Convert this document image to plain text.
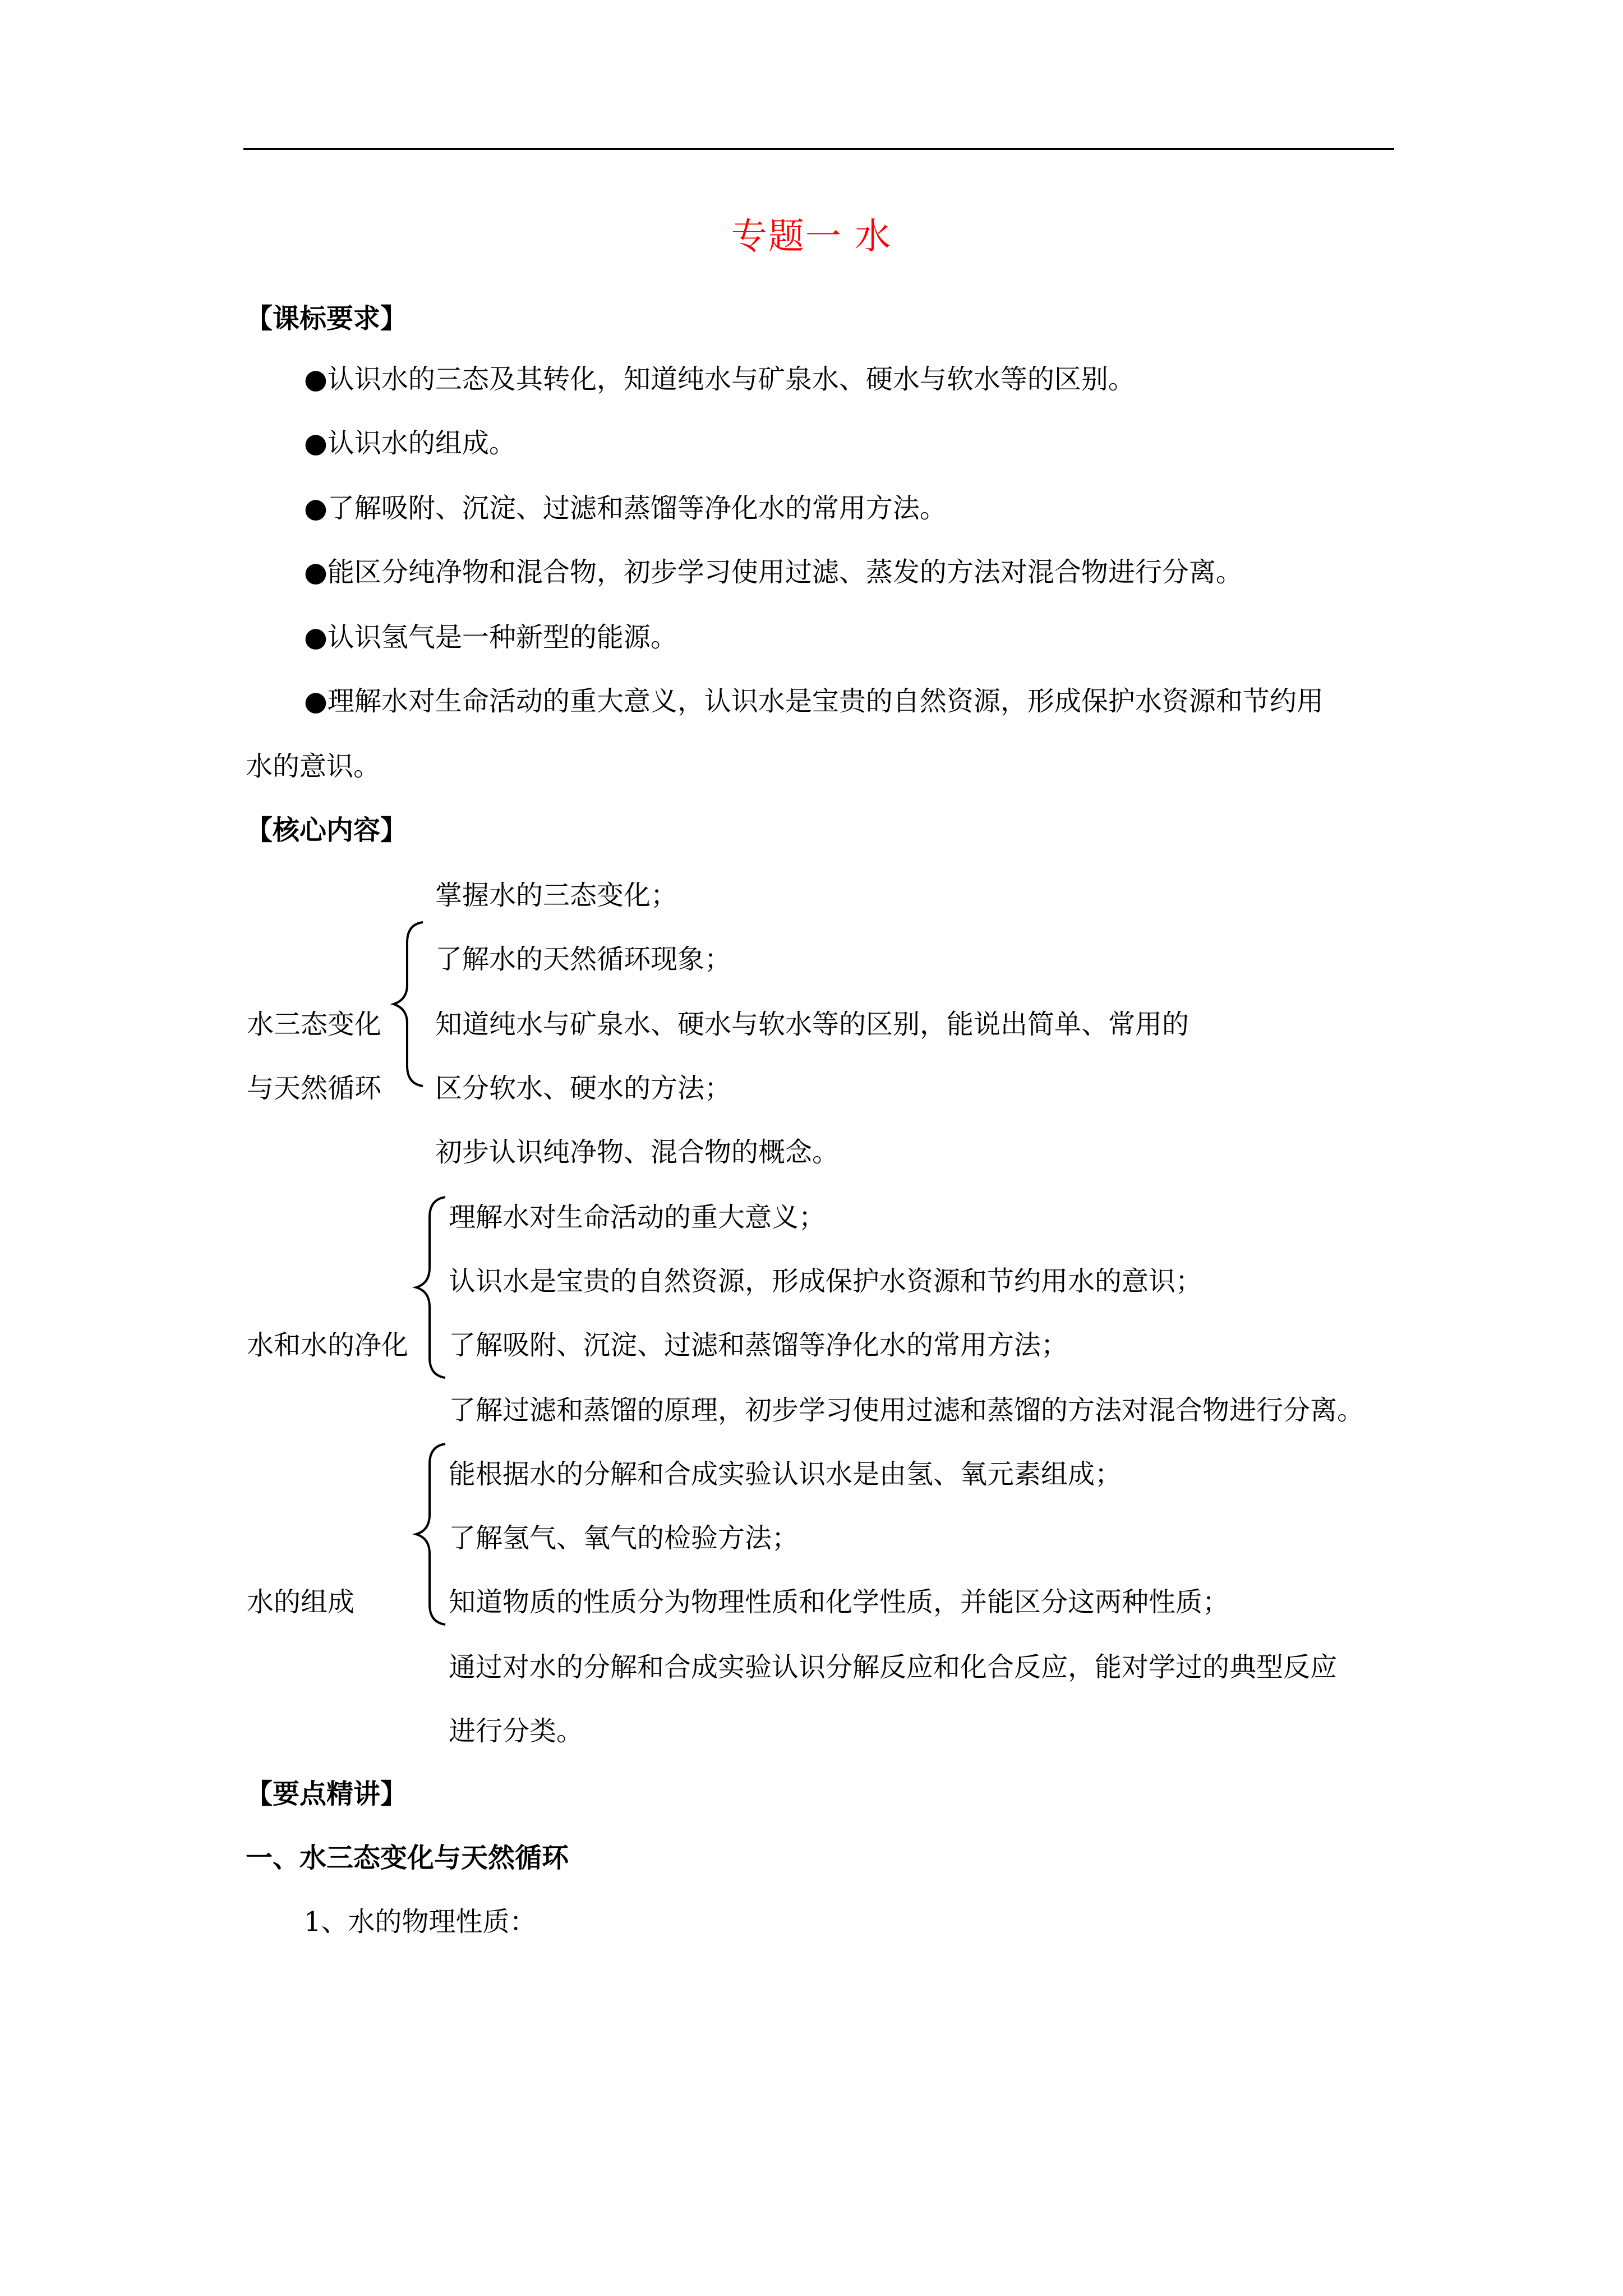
专题一 水
【课标要求】
●认识水的三态及其转化，知道纯水与矿泉水、硬水与软水等的区别。
●认识水的组成。
●了解吸附、沉淀、过滤和蒸馏等净化水的常用方法。
●能区分纯净物和混合物，初步学习使用过滤、蒸发的方法对混合物进行分离。
●认识氢气是一种新型的能源。
●理解水对生命活动的重大意义，认识水是宝贵的自然资源，形成保护水资源和节约用
水的意识。
【核心内容】
掌握水的三态变化；
了解水的天然循环现象；
水三态变化 知道纯水与矿泉水、硬水与软水等的区别，能说出简单、常用的
与天然循环 区分软水、硬水的方法；
初步认识纯净物、混合物的概念。
理解水对生命活动的重大意义；
认识水是宝贵的自然资源，形成保护水资源和节约用水的意识；
水和水的净化 了解吸附、沉淀、过滤和蒸馏等净化水的常用方法；
了解过滤和蒸馏的原理，初步学习使用过滤和蒸馏的方法对混合物进行分离。
能根据水的分解和合成实验认识水是由氢、氧元素组成；
了解氢气、氧气的检验方法；
水的组成	知道物质的性质分为物理性质和化学性质，并能区分这两种性质；
通过对水的分解和合成实验认识分解反应和化合反应，能对学过的典型反应
进行分类。
【要点精讲】
一、水三态变化与天然循环
1、水的物理性质：
